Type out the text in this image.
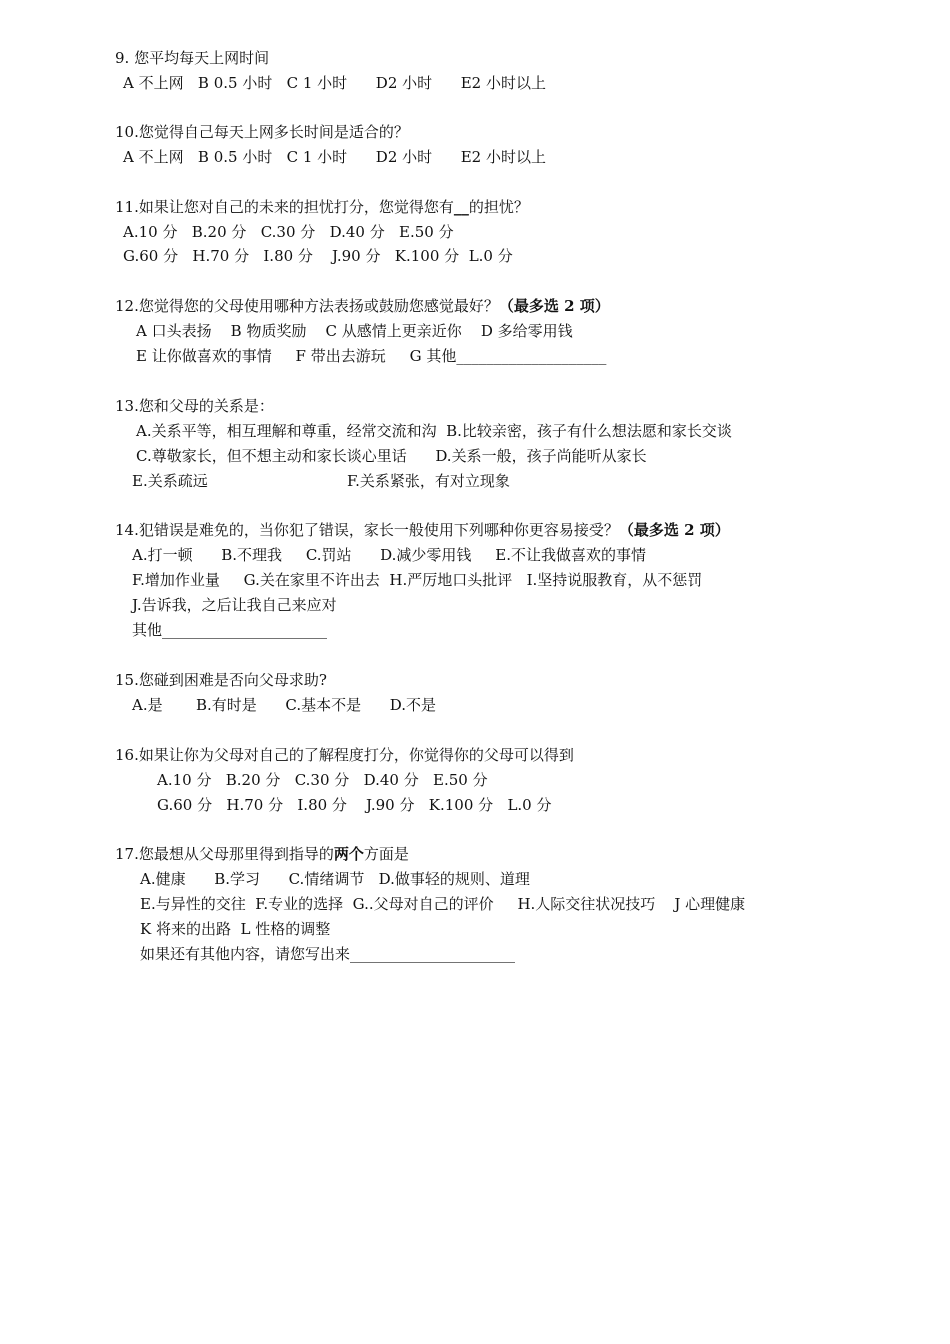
9. 您平均每天上网时间
A 不上网   B 0.5 小时   C 1 小时      D2 小时      E2 小时以上
10.您觉得自己每天上网多长时间是适合的？
A 不上网   B 0.5 小时   C 1 小时      D2 小时      E2 小时以上
11.如果让您对自己的未来的担忧打分，您觉得您有__的担忧？
A.10 分   B.20 分   C.30 分   D.40 分   E.50 分
G.60 分   H.70 分   I.80 分    J.90 分   K.100 分  L.0 分
12.您觉得您的父母使用哪种方法表扬或鼓励您感觉最好？（最多选 2 项）
A 口头表扬    B 物质奖励    C 从感情上更亲近你    D 多给零用钱
E 让你做喜欢的事情     F 带出去游玩     G 其他____________________
13.您和父母的关系是：
A.关系平等，相互理解和尊重，经常交流和沟  B.比较亲密，孩子有什么想法愿和家长交谈
C.尊敬家长，但不想主动和家长谈心里话      D.关系一般，孩子尚能听从家长
E.关系疏远	F.关系紧张，有对立现象
14.犯错误是难免的，当你犯了错误，家长一般使用下列哪种你更容易接受？（最多选 2 项）
A.打一顿      B.不理我     C.罚站      D.减少零用钱     E.不让我做喜欢的事情
F.增加作业量     G.关在家里不许出去  H.严厉地口头批评   I.坚持说服教育，从不惩罚
J.告诉我，之后让我自己来应对
其他______________________
15.您碰到困难是否向父母求助?
A.是       B.有时是      C.基本不是      D.不是
16.如果让你为父母对自己的了解程度打分，你觉得你的父母可以得到
A.10 分   B.20 分   C.30 分   D.40 分   E.50 分
G.60 分   H.70 分   I.80 分    J.90 分   K.100 分   L.0 分
17.您最想从父母那里得到指导的两个方面是
A.健康      B.学习      C.情绪调节   D.做事轻的规则、道理
E.与异性的交往  F.专业的选择  G..父母对自己的评价     H.人际交往状况技巧    J 心理健康
K 将来的出路  L 性格的调整
如果还有其他内容，请您写出来______________________
